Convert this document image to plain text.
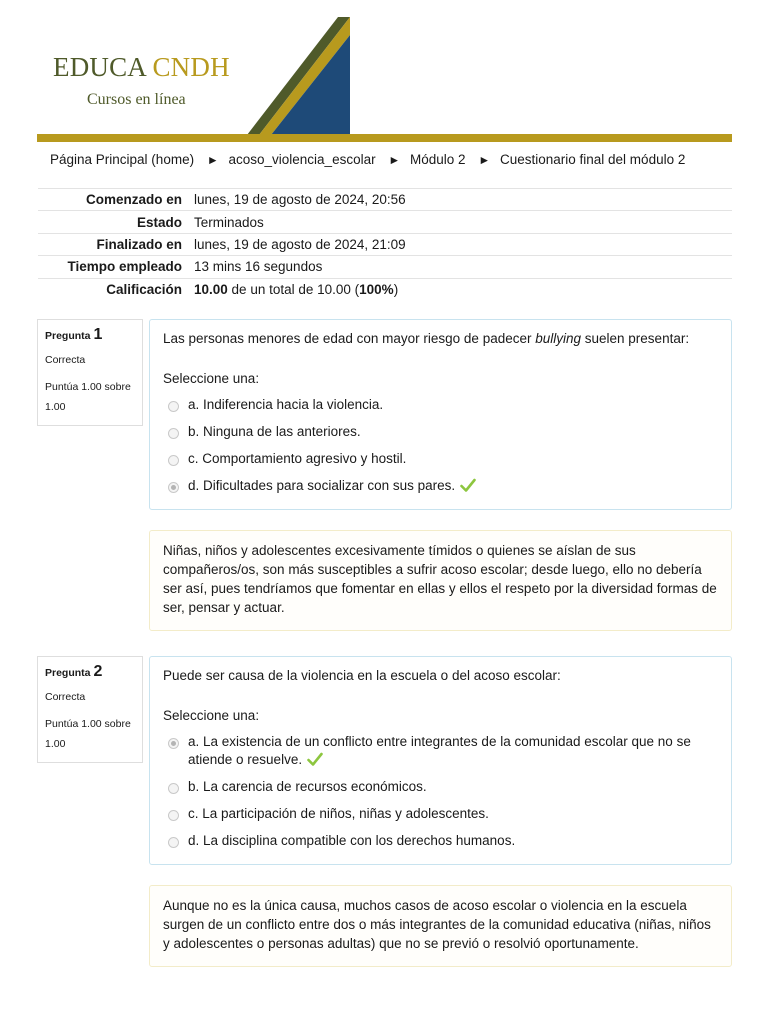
EDUCA CNDH
Cursos en línea
Página Principal (home) ► acoso_violencia_escolar ► Módulo 2 ► Cuestionario final del módulo 2
Comenzado en	lunes, 19 de agosto de 2024, 20:56
Estado	Terminados
Finalizado en	lunes, 19 de agosto de 2024, 21:09
Tiempo empleado	13 mins 16 segundos
Calificación	10.00 de un total de 10.00 (100%)
Pregunta 1
Correcta
Puntúa 1.00 sobre 1.00

Las personas menores de edad con mayor riesgo de padecer bullying suelen presentar:

Seleccione una:

a. Indiferencia hacia la violencia.
b. Ninguna de las anteriores.
c. Comportamiento agresivo y hostil.
d. Dificultades para socializar con sus pares.
Niñas, niños y adolescentes excesivamente tímidos o quienes se aíslan de sus compañeros/os, son más susceptibles a sufrir acoso escolar; desde luego, ello no debería ser así, pues tendríamos que fomentar en ellas y ellos el respeto por la diversidad formas de ser, pensar y actuar.
Pregunta 2
Correcta
Puntúa 1.00 sobre 1.00

Puede ser causa de la violencia en la escuela o del acoso escolar:

Seleccione una:

a. La existencia de un conflicto entre integrantes de la comunidad escolar que no se atiende o resuelve.
b. La carencia de recursos económicos.
c. La participación de niños, niñas y adolescentes.
d. La disciplina compatible con los derechos humanos.
Aunque no es la única causa, muchos casos de acoso escolar o violencia en la escuela surgen de un conflicto entre dos o más integrantes de la comunidad educativa (niñas, niños y adolescentes o personas adultas) que no se previó o resolvió oportunamente.
